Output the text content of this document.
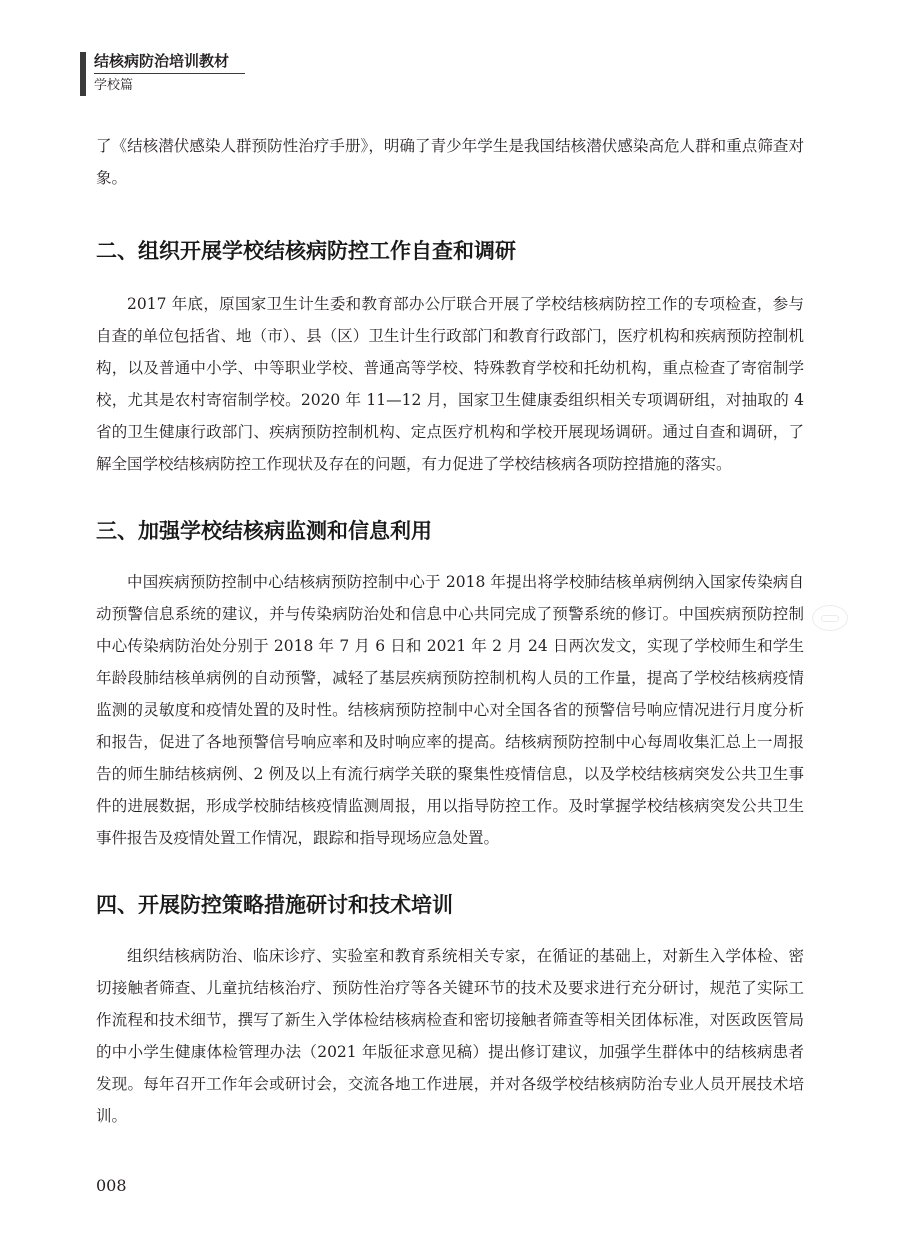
结核病防治培训教材
学校篇

了《结核潜伏感染人群预防性治疗手册》，明确了青少年学生是我国结核潜伏感染高危人群和重点筛查对象。

二、组织开展学校结核病防控工作自查和调研

2017 年底，原国家卫生计生委和教育部办公厅联合开展了学校结核病防控工作的专项检查，参与自查的单位包括省、地（市）、县（区）卫生计生行政部门和教育行政部门，医疗机构和疾病预防控制机构，以及普通中小学、中等职业学校、普通高等学校、特殊教育学校和托幼机构，重点检查了寄宿制学校，尤其是农村寄宿制学校。2020 年 11—12 月，国家卫生健康委组织相关专项调研组，对抽取的 4 省的卫生健康行政部门、疾病预防控制机构、定点医疗机构和学校开展现场调研。通过自查和调研，了解全国学校结核病防控工作现状及存在的问题，有力促进了学校结核病各项防控措施的落实。

三、加强学校结核病监测和信息利用

中国疾病预防控制中心结核病预防控制中心于 2018 年提出将学校肺结核单病例纳入国家传染病自动预警信息系统的建议，并与传染病防治处和信息中心共同完成了预警系统的修订。中国疾病预防控制中心传染病防治处分别于 2018 年 7 月 6 日和 2021 年 2 月 24 日两次发文，实现了学校师生和学生年龄段肺结核单病例的自动预警，减轻了基层疾病预防控制机构人员的工作量，提高了学校结核病疫情监测的灵敏度和疫情处置的及时性。结核病预防控制中心对全国各省的预警信号响应情况进行月度分析和报告，促进了各地预警信号响应率和及时响应率的提高。结核病预防控制中心每周收集汇总上一周报告的师生肺结核病例、2 例及以上有流行病学关联的聚集性疫情信息，以及学校结核病突发公共卫生事件的进展数据，形成学校肺结核疫情监测周报，用以指导防控工作。及时掌握学校结核病突发公共卫生事件报告及疫情处置工作情况，跟踪和指导现场应急处置。

四、开展防控策略措施研讨和技术培训

组织结核病防治、临床诊疗、实验室和教育系统相关专家，在循证的基础上，对新生入学体检、密切接触者筛查、儿童抗结核治疗、预防性治疗等各关键环节的技术及要求进行充分研讨，规范了实际工作流程和技术细节，撰写了新生入学体检结核病检查和密切接触者筛查等相关团体标准，对医政医管局的中小学生健康体检管理办法（2021 年版征求意见稿）提出修订建议，加强学生群体中的结核病患者发现。每年召开工作年会或研讨会，交流各地工作进展，并对各级学校结核病防治专业人员开展技术培训。

008
